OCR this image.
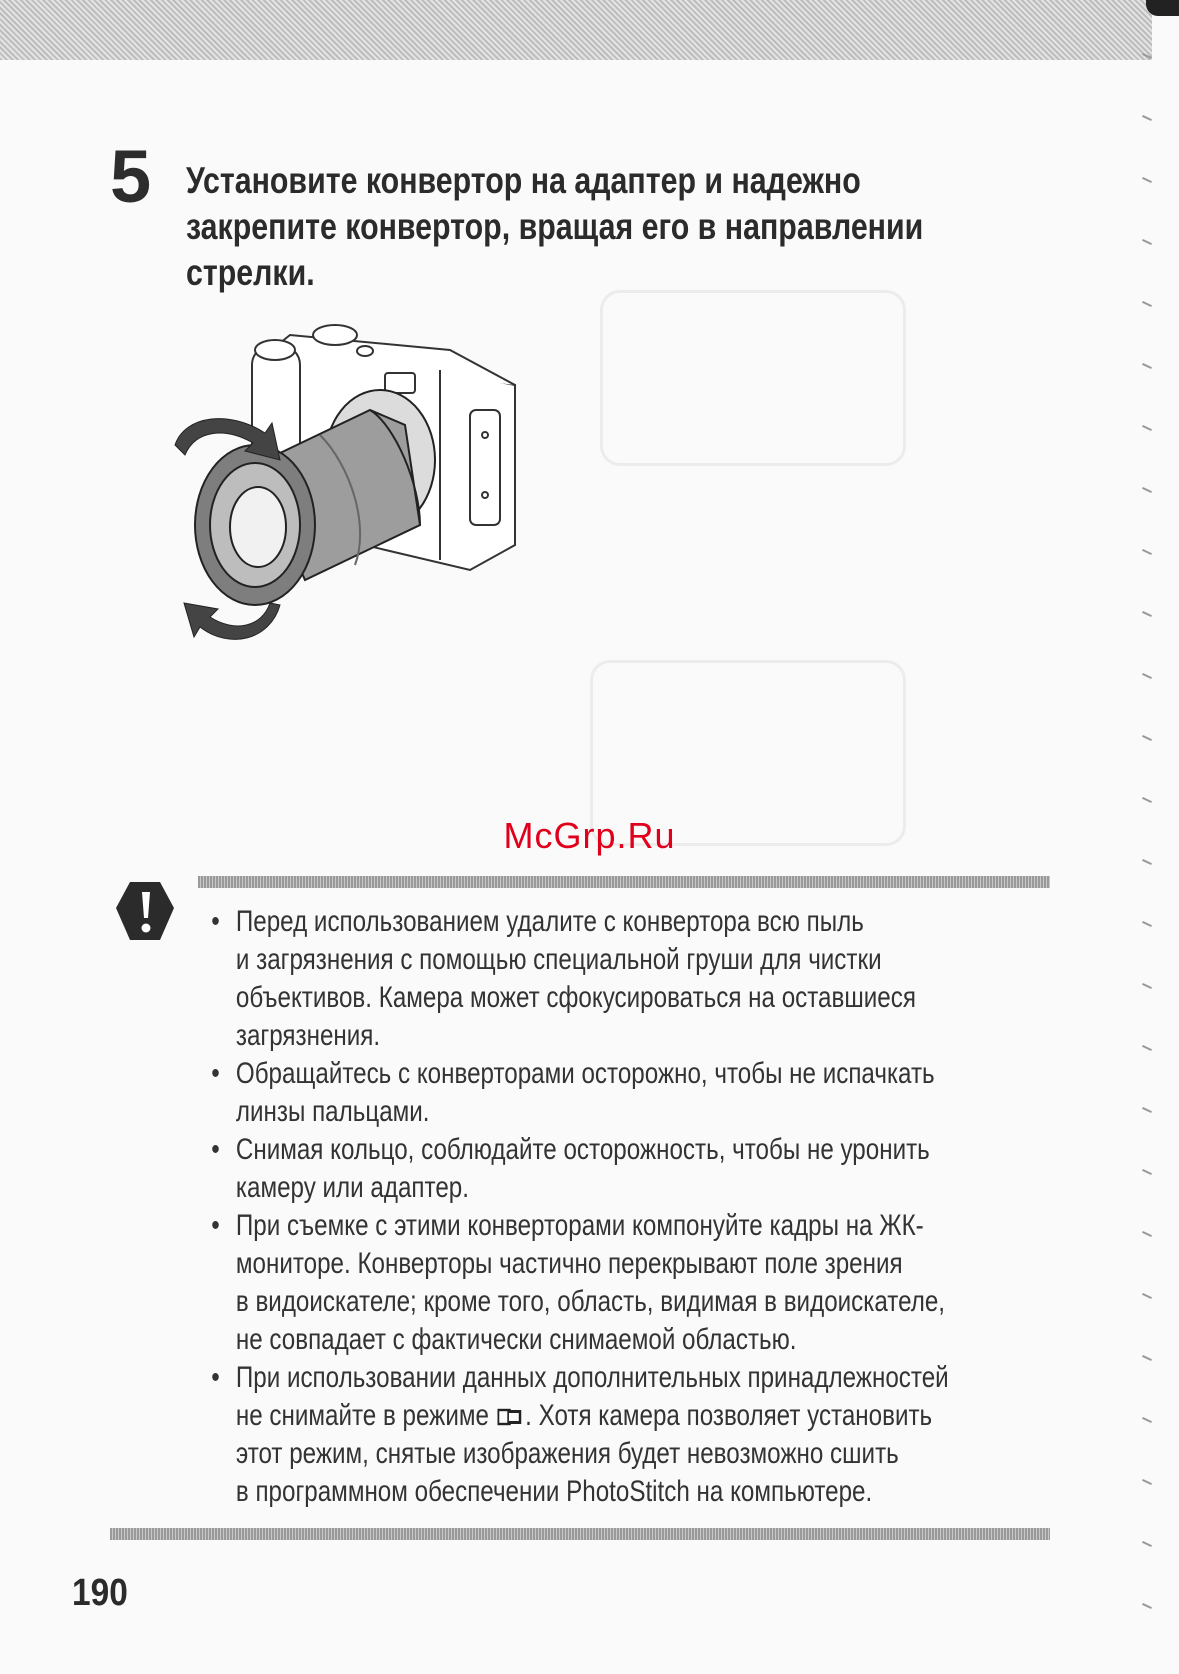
5 Установите конвертор на адаптер и надежно
закрепите конвертор, вращая его в направлении
стрелки.
McGrp.Ru

• Перед использованием удалите с конвертора всю пыль
и загрязнения с помощью специальной груши для чистки
объективов. Камера может сфокусироваться на оставшиеся
загрязнения.

• Обращайтесь с конверторами осторожно, чтобы не испачкать
линзы пальцами.

• Снимая кольцо, соблюдайте осторожность, чтобы не уронить
камеру или адаптер.

• При съемке с этими конверторами компонуйте кадры на ЖК-
мониторе. Конверторы частично перекрывают поле зрения
в видоискателе; кроме того, область, видимая в видоискателе,
не совпадает с фактически снимаемой областью.

• При использовании данных дополнительных принадлежностей
не снимайте в режиме . Хотя камера позволяет установить
этот режим, снятые изображения будет невозможно сшить
в программном обеспечении PhotoStitch на компьютере.

190
